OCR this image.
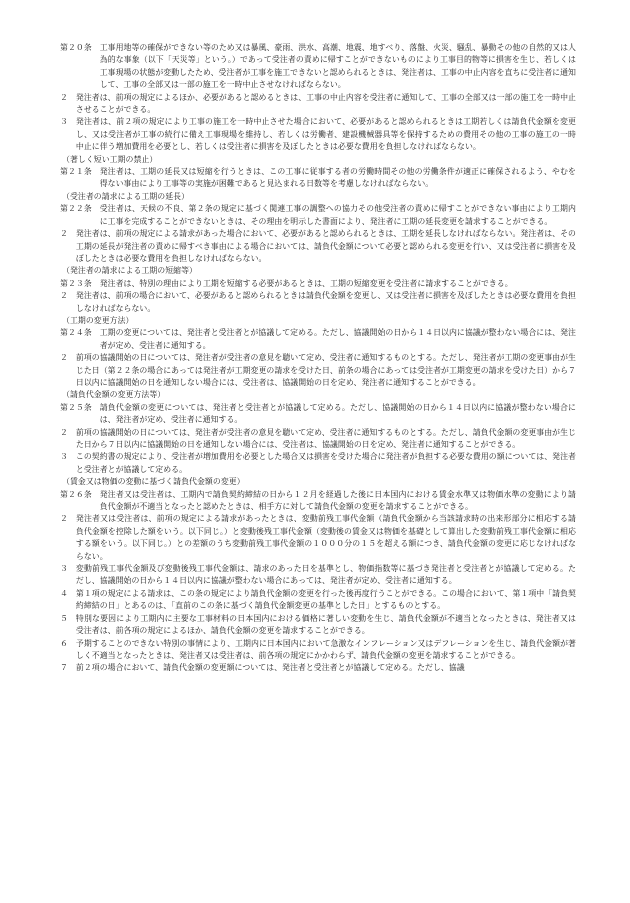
第２０条　 工事用地等の確保ができない等のため又は暴風、豪雨、洪水、高潮、地震、地すべり、落盤、火災、騒乱、暴動その他の自然的又は人為的な事象（以下「天災等」という。）であって受注者の責めに帰すことができないものにより工事目的物等に損害を生じ、若しくは工事現場の状態が変動したため、受注者が工事を施工できないと認められるときは、発注者は、工事の中止内容を直ちに受注者に通知して、工事の全部又は一部の施工を一時中止させなければならない。
２　 発注者は、前項の規定によるほか、必要があると認めるときは、工事の中止内容を受注者に通知して、工事の全部又は一部の施工を一時中止させることができる。
３　 発注者は、前２項の規定により工事の施工を一時中止させた場合において、必要があると認められるときは工期若しくは請負代金額を変更し、又は受注者が工事の続行に備え工事現場を維持し、若しくは労働者、建設機械器具等を保持するための費用その他の工事の施工の一時中止に伴う増加費用を必要とし、若しくは受注者に損害を及ぼしたときは必要な費用を負担しなければならない。
（著しく短い工期の禁止）
第２１条　 発注者は、工期の延長又は短縮を行うときは、この工事に従事する者の労働時間その他の労働条件が適正に確保されるよう、やむを得ない事由により工事等の実施が困難であると見込まれる日数等を考慮しなければならない。
（受注者の請求による工期の延長）
第２２条　 受注者は、天候の不良、第２条の規定に基づく関連工事の調整への協力その他受注者の責めに帰すことができない事由により工期内に工事を完成することができないときは、その理由を明示した書面により、発注者に工期の延長変更を請求することができる。
２　 発注者は、前項の規定による請求があった場合において、必要があると認められるときは、工期を延長しなければならない。発注者は、その工期の延長が発注者の責めに帰すべき事由による場合においては、請負代金額について必要と認められる変更を行い、又は受注者に損害を及ぼしたときは必要な費用を負担しなければならない。
（発注者の請求による工期の短縮等）
第２３条　 発注者は、特別の理由により工期を短縮する必要があるときは、工期の短縮変更を受注者に請求することができる。
２　 発注者は、前項の場合において、必要があると認められるときは請負代金額を変更し、又は受注者に損害を及ぼしたときは必要な費用を負担しなければならない。
（工期の変更方法）
第２４条　 工期の変更については、発注者と受注者とが協議して定める。ただし、協議開始の日から１４日以内に協議が整わない場合には、発注者が定め、受注者に通知する。
２　 前項の協議開始の日については、発注者が受注者の意見を聴いて定め、受注者に通知するものとする。ただし、発注者が工期の変更事由が生じた日（第２２条の場合にあっては発注者が工期変更の請求を受けた日、前条の場合にあっては受注者が工期変更の請求を受けた日）から７日以内に協議開始の日を通知しない場合には、受注者は、協議開始の日を定め、発注者に通知することができる。
（請負代金額の変更方法等）
第２５条　 請負代金額の変更については、発注者と受注者とが協議して定める。ただし、協議開始の日から１４日以内に協議が整わない場合には、発注者が定め、受注者に通知する。
２　 前項の協議開始の日については、発注者が受注者の意見を聴いて定め、受注者に通知するものとする。ただし、請負代金額の変更事由が生じた日から７日以内に協議開始の日を通知しない場合には、受注者は、協議開始の日を定め、発注者に通知することができる。
３　 この契約書の規定により、受注者が増加費用を必要とした場合又は損害を受けた場合に発注者が負担する必要な費用の額については、発注者と受注者とが協議して定める。
（賃金又は物価の変動に基づく請負代金額の変更）
第２６条　 発注者又は受注者は、工期内で請負契約締結の日から１２月を経過した後に日本国内における賃金水準又は物価水準の変動により請負代金額が不適当となったと認めたときは、相手方に対して請負代金額の変更を請求することができる。
２　 発注者又は受注者は、前項の規定による請求があったときは、変動前残工事代金額（請負代金額から当該請求時の出来形部分に相応する請負代金額を控除した額をいう。以下同じ。）と変動後残工事代金額（変動後の賃金又は物価を基礎として算出した変動前残工事代金額に相応する額をいう。以下同じ。）との差額のうち変動前残工事代金額の１０００分の１５を超える額につき、請負代金額の変更に応じなければならない。
３　 変動前残工事代金額及び変動後残工事代金額は、請求のあった日を基準とし、物価指数等に基づき発注者と受注者とが協議して定める。ただし、協議開始の日から１４日以内に協議が整わない場合にあっては、発注者が定め、受注者に通知する。
４　 第１項の規定による請求は、この条の規定により請負代金額の変更を行った後再度行うことができる。この場合において、第１項中「請負契約締結の日」とあるのは、「直前のこの条に基づく請負代金額変更の基準とした日」とするものとする。
５　 特別な要因により工期内に主要な工事材料の日本国内における価格に著しい変動を生じ、請負代金額が不適当となったときは、発注者又は受注者は、前各項の規定によるほか、請負代金額の変更を請求することができる。
６　 予期することのできない特別の事情により、工期内に日本国内において急激なインフレーション又はデフレーションを生じ、請負代金額が著しく不適当となったときは、発注者又は受注者は、前各項の規定にかかわらず、請負代金額の変更を請求することができる。
７　 前２項の場合において、請負代金額の変更額については、発注者と受注者とが協議して定める。ただし、協議
